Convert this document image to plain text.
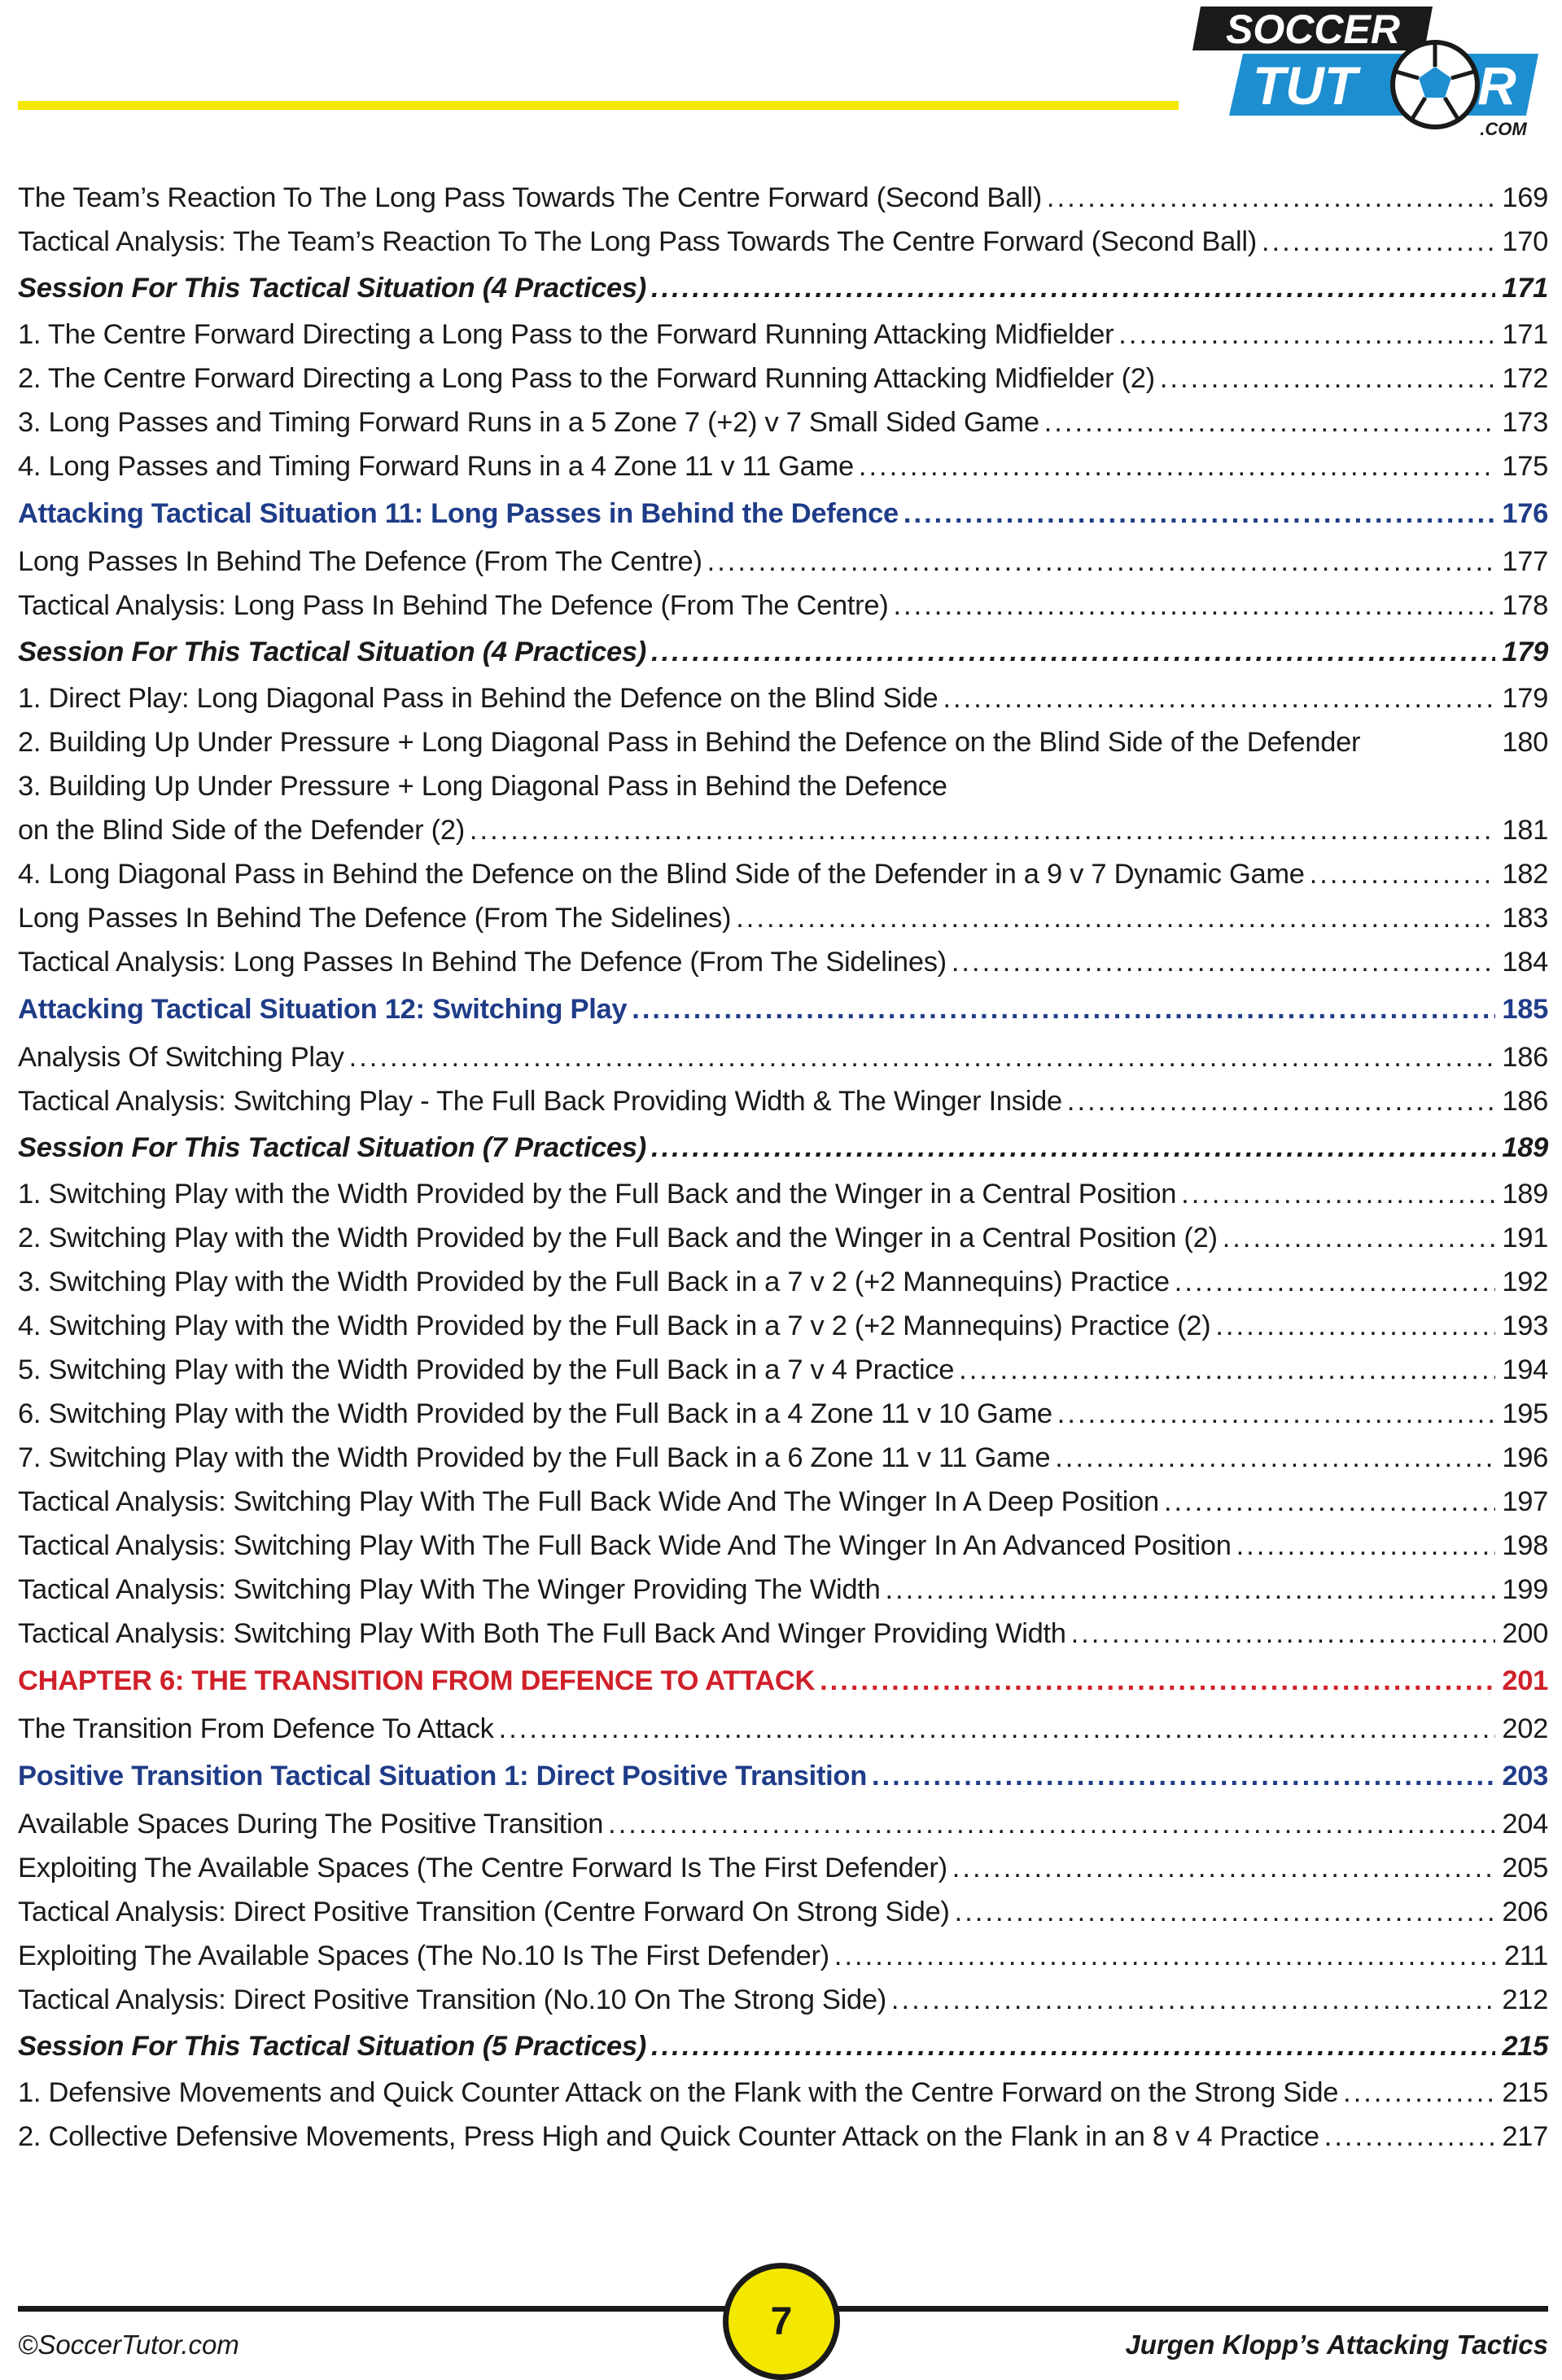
SOCCER
TUT R
.COM
The Team’s Reaction To The Long Pass Towards The Centre Forward (Second Ball) .....	169
Tactical Analysis: The Team’s Reaction To The Long Pass Towards The Centre Forward (Second Ball) .....	170
Session For This Tactical Situation (4 Practices) .....	171
1. The Centre Forward Directing a Long Pass to the Forward Running Attacking Midfielder .....	171
2. The Centre Forward Directing a Long Pass to the Forward Running Attacking Midfielder (2) .....	172
3. Long Passes and Timing Forward Runs in a 5 Zone 7 (+2) v 7 Small Sided Game .....	173
4. Long Passes and Timing Forward Runs in a 4 Zone 11 v 11 Game .....	175
Attacking Tactical Situation 11: Long Passes in Behind the Defence .....	176
Long Passes In Behind The Defence (From The Centre) .....	177
Tactical Analysis: Long Pass In Behind The Defence (From The Centre) .....	178
Session For This Tactical Situation (4 Practices) .....	179
1. Direct Play: Long Diagonal Pass in Behind the Defence on the Blind Side .....	179
2. Building Up Under Pressure + Long Diagonal Pass in Behind the Defence on the Blind Side of the Defender	180
3. Building Up Under Pressure + Long Diagonal Pass in Behind the Defence
on the Blind Side of the Defender (2) .....	181
4. Long Diagonal Pass in Behind the Defence on the Blind Side of the Defender in a 9 v 7 Dynamic Game .....	182
Long Passes In Behind The Defence (From The Sidelines) .....	183
Tactical Analysis: Long Passes In Behind The Defence (From The Sidelines) .....	184
Attacking Tactical Situation 12: Switching Play .....	185
Analysis Of Switching Play .....	186
Tactical Analysis: Switching Play - The Full Back Providing Width & The Winger Inside .....	186
Session For This Tactical Situation (7 Practices) .....	189
1. Switching Play with the Width Provided by the Full Back and the Winger in a Central Position .....	189
2. Switching Play with the Width Provided by the Full Back and the Winger in a Central Position (2) .....	191
3. Switching Play with the Width Provided by the Full Back in a 7 v 2 (+2 Mannequins) Practice .....	192
4. Switching Play with the Width Provided by the Full Back in a 7 v 2 (+2 Mannequins) Practice (2) .....	193
5. Switching Play with the Width Provided by the Full Back in a 7 v 4 Practice .....	194
6. Switching Play with the Width Provided by the Full Back in a 4 Zone 11 v 10 Game .....	195
7. Switching Play with the Width Provided by the Full Back in a 6 Zone 11 v 11 Game .....	196
Tactical Analysis: Switching Play With The Full Back Wide And The Winger In A Deep Position .....	197
Tactical Analysis: Switching Play With The Full Back Wide And The Winger In An Advanced Position .....	198
Tactical Analysis: Switching Play With The Winger Providing The Width .....	199
Tactical Analysis: Switching Play With Both The Full Back And Winger Providing Width .....	200
CHAPTER 6: THE TRANSITION FROM DEFENCE TO ATTACK .....	201
The Transition From Defence To Attack .....	202
Positive Transition Tactical Situation 1: Direct Positive Transition .....	203
Available Spaces During The Positive Transition .....	204
Exploiting The Available Spaces (The Centre Forward Is The First Defender) .....	205
Tactical Analysis: Direct Positive Transition (Centre Forward On Strong Side) .....	206
Exploiting The Available Spaces (The No.10 Is The First Defender) .....	211
Tactical Analysis: Direct Positive Transition (No.10 On The Strong Side) .....	212
Session For This Tactical Situation (5 Practices) .....	215
1. Defensive Movements and Quick Counter Attack on the Flank with the Centre Forward on the Strong Side .....	215
2. Collective Defensive Movements, Press High and Quick Counter Attack on the Flank in an 8 v 4 Practice .....	217
7
©SoccerTutor.com	Jurgen Klopp’s Attacking Tactics
